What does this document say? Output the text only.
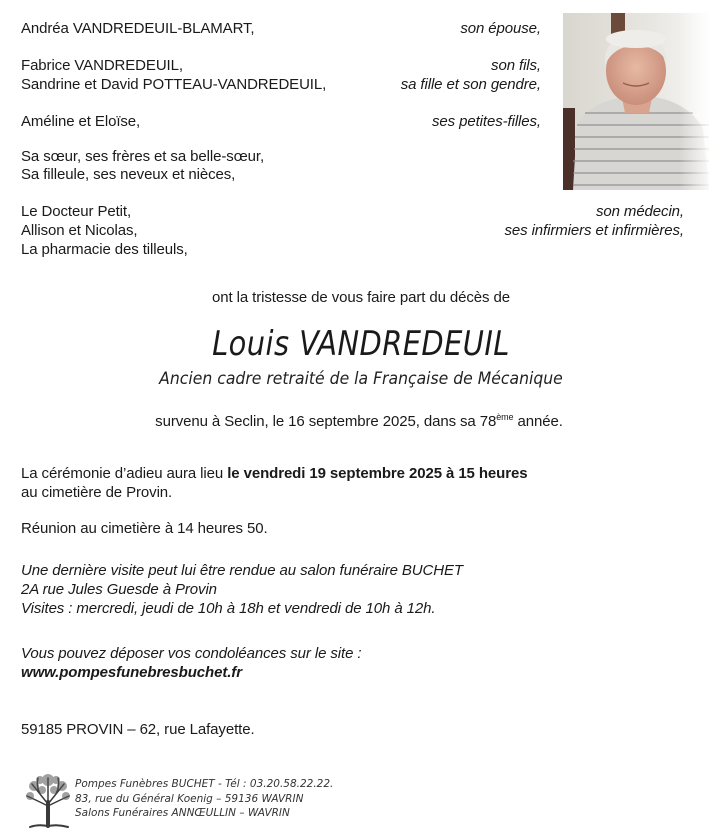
Andréa VANDREDEUIL-BLAMART,	son épouse,
Fabrice VANDREDEUIL,	son fils,
Sandrine et David POTTEAU-VANDREDEUIL,	sa fille et son gendre,
Améline et Eloïse,	ses petites-filles,
Sa sœur, ses frères et sa belle-sœur,
Sa filleule, ses neveux et nièces,
Le Docteur Petit,	son médecin,
Allison et Nicolas,	ses infirmiers et infirmières,
La pharmacie des tilleuls,
ont la tristesse de vous faire part du décès de
Louis VANDREDEUIL
Ancien cadre retraité de la Française de Mécanique
survenu à Seclin, le 16 septembre 2025, dans sa 78ème année.
La cérémonie d’adieu aura lieu le vendredi 19 septembre 2025 à 15 heures
au cimetière de Provin.
Réunion au cimetière à 14 heures 50.
Une dernière visite peut lui être rendue au salon funéraire BUCHET
2A rue Jules Guesde à Provin
Visites : mercredi, jeudi de 10h à 18h et vendredi de 10h à 12h.
Vous pouvez déposer vos condoléances sur le site :
www.pompesfunebresbuchet.fr
59185 PROVIN – 62, rue Lafayette.
Pompes Funèbres BUCHET - Tél : 03.20.58.22.22.
83, rue du Général Koenig – 59136 WAVRIN
Salons Funéraires ANNŒULLIN – WAVRIN
